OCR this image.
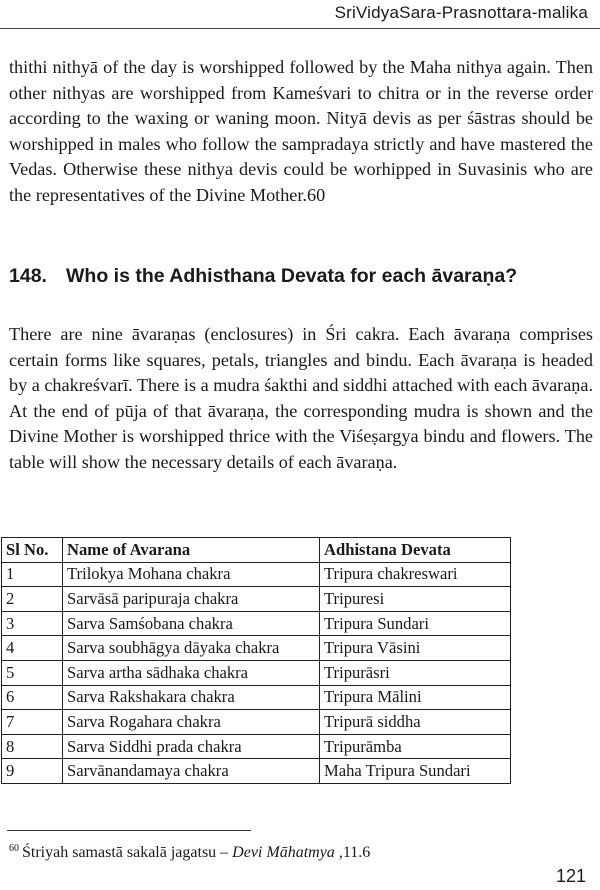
SriVidyaSara-Prasnottara-malika

thithi nithyā of the day is worshipped followed by the Maha nithya again. Then other nithyas are worshipped from Kameśvari to chitra or in the reverse order according to the waxing or waning moon. Nityā devis as per śāstras should be worshipped in males who follow the sampradaya strictly and have mastered the Vedas. Otherwise these nithya devis could be worhipped in Suvasinis who are the representatives of the Divine Mother.60

148. Who is the Adhisthana Devata for each āvaraṇa?

There are nine āvaraṇas (enclosures) in Śri cakra. Each āvaraṇa comprises certain forms like squares, petals, triangles and bindu. Each āvaraṇa is headed by a chakreśvarī. There is a mudra śakthi and siddhi attached with each āvaraṇa. At the end of pūja of that āvaraṇa, the corresponding mudra is shown and the Divine Mother is worshipped thrice with the Viśeṣargya bindu and flowers. The table will show the necessary details of each āvaraṇa.

Sl No.	Name of Avarana	Adhistana Devata
1	Trilokya Mohana chakra	Tripura chakreswari
2	Sarvāsā paripuraja chakra	Tripuresi
3	Sarva Samśobana chakra	Tripura Sundari
4	Sarva soubhāgya dāyaka chakra	Tripura Vāsini
5	Sarva artha sādhaka chakra	Tripurāsri
6	Sarva Rakshakara chakra	Tripura Mālini
7	Sarva Rogahara chakra	Tripurā siddha
8	Sarva Siddhi prada chakra	Tripurāmba
9	Sarvānandamaya chakra	Maha Tripura Sundari
$^{60}$ Śtriyah samastā sakalā jagatsu – Devi Māhatmya ,11.6
121
